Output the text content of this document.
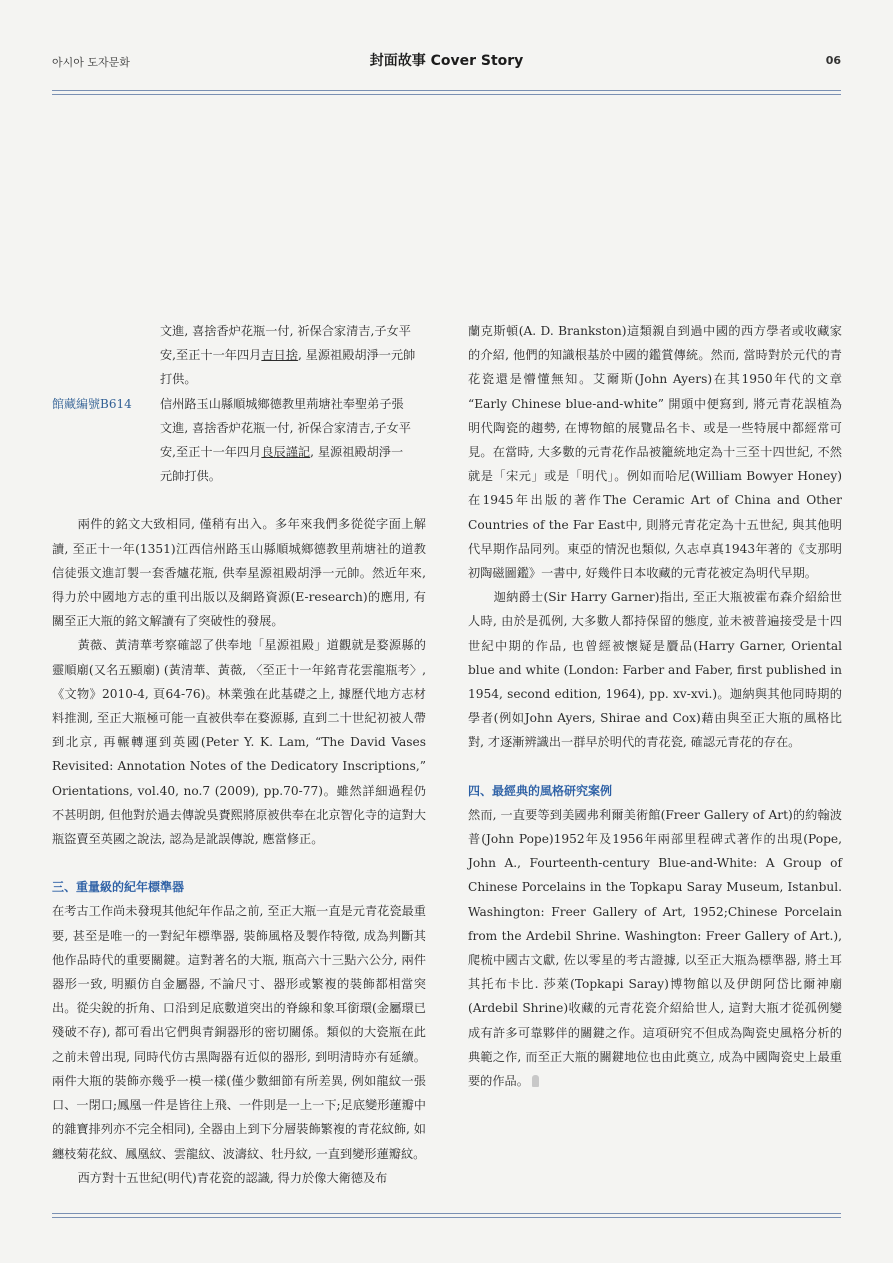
아시아 도자문화	封面故事 Cover Story	06
文進, 喜捨香炉花瓶一付, 祈保合家清吉,子女平
安,至正十一年四月吉日捨, 星源祖殿胡淨一元帥
打供。
館藏編號B614	信州路玉山縣順城鄉德教里荊塘社奉聖弟子張
文進, 喜捨香炉花瓶一付, 祈保合家清吉,子女平
安,至正十一年四月良辰謹記, 星源祖殿胡淨一
元帥打供。

兩件的銘文大致相同, 僅稍有出入。多年來我們多從從字面上解讀, 至正十一年(1351)江西信州路玉山縣順城鄉德教里荊塘社的道教信徒張文進訂製一套香爐花瓶, 供奉星源祖殿胡淨一元帥。然近年來, 得力於中國地方志的重刊出版以及網路資源(E-research)的應用, 有關至正大瓶的銘文解讀有了突破性的發展。

黃薇、黃清華考察確認了供奉地「星源祖殿」道觀就是婺源縣的靈順廟(又名五顯廟) (黃清華、黃薇, 〈至正十一年銘青花雲龍瓶考〉, 《文物》2010-4, 頁64-76)。林業強在此基礎之上, 據歷代地方志材料推測, 至正大瓶極可能一直被供奉在婺源縣, 直到二十世紀初被人帶到北京, 再輾轉運到英國(Peter Y. K. Lam, “The David Vases Revisited: Annotation Notes of the Dedicatory Inscriptions,” Orientations, vol.40, no.7 (2009), pp.70-77)。雖然詳細過程仍不甚明朗, 但他對於過去傳說吳賚熙將原被供奉在北京智化寺的這對大瓶盜賣至英國之說法, 認為是訛誤傳說, 應當修正。

三、重量級的紀年標準器

在考古工作尚未發現其他紀年作品之前, 至正大瓶一直是元青花瓷最重要, 甚至是唯一的一對紀年標準器, 裝飾風格及製作特徵, 成為判斷其他作品時代的重要關鍵。這對著名的大瓶, 瓶高六十三點六公分, 兩件器形一致, 明顯仿自金屬器, 不論尺寸、器形或繁複的裝飾都相當突出。從尖銳的折角、口沿到足底數道突出的脊線和象耳銜環(金屬環已殘破不存), 都可看出它們與青銅器形的密切關係。類似的大瓷瓶在此之前未曾出現, 同時代仿古黑陶器有近似的器形, 到明清時亦有延續。兩件大瓶的裝飾亦幾乎一模一樣(僅少數細節有所差異, 例如龍紋一張口、一閉口;鳳凰一件是皆往上飛、一件則是一上一下;足底變形蓮瓣中的雜寶排列亦不完全相同), 全器由上到下分層裝飾繁複的青花紋飾, 如纏枝菊花紋、鳳凰紋、雲龍紋、波濤紋、牡丹紋, 一直到變形蓮瓣紋。

西方對十五世紀(明代)青花瓷的認識, 得力於像大衛德及布

蘭克斯頓(A. D. Brankston)這類親自到過中國的西方學者或收藏家的介紹, 他們的知識根基於中國的鑑賞傳統。然而, 當時對於元代的青花瓷還是懵懂無知。艾爾斯(John Ayers)在其1950年代的文章 “Early Chinese blue-and-white” 開頭中便寫到, 將元青花誤植為明代陶瓷的趨勢, 在博物館的展覽品名卡、或是一些特展中都經常可見。在當時, 大多數的元青花作品被籠統地定為十三至十四世紀, 不然就是「宋元」或是「明代」。例如而哈尼(William Bowyer Honey)在1945年出版的著作The Ceramic Art of China and Other Countries of the Far East中, 則將元青花定為十五世紀, 與其他明代早期作品同列。東亞的情況也類似, 久志卓真1943年著的《支那明初陶磁圖鑑》一書中, 好幾件日本收藏的元青花被定為明代早期。

迦納爵士(Sir Harry Garner)指出, 至正大瓶被霍布森介紹給世人時, 由於是孤例, 大多數人都持保留的態度, 並未被普遍接受是十四世紀中期的作品, 也曾經被懷疑是贗品(Harry Garner, Oriental blue and white (London: Farber and Faber, first published in 1954, second edition, 1964), pp. xv-xvi.)。迦納與其他同時期的學者(例如John Ayers, Shirae and Cox)藉由與至正大瓶的風格比對, 才逐漸辨識出一群早於明代的青花瓷, 確認元青花的存在。

四、最經典的風格研究案例

然而, 一直要等到美國弗利爾美術館(Freer Gallery of Art)的約翰波普(John Pope)1952年及1956年兩部里程碑式著作的出現(Pope, John A., Fourteenth-century Blue-and-White: A Group of Chinese Porcelains in the Topkapu Saray Museum, Istanbul. Washington: Freer Gallery of Art, 1952;Chinese Porcelain from the Ardebil Shrine. Washington: Freer Gallery of Art.), 爬梳中國古文獻, 佐以零星的考古證據, 以至正大瓶為標準器, 將土耳其托布卡比. 莎萊(Topkapi Saray)博物館以及伊朗阿岱比爾神廟(Ardebil Shrine)收藏的元青花瓷介紹給世人, 這對大瓶才從孤例變成有許多可靠夥伴的關鍵之作。這項研究不但成為陶瓷史風格分析的典範之作, 而至正大瓶的關鍵地位也由此奠立, 成為中國陶瓷史上最重要的作品。
